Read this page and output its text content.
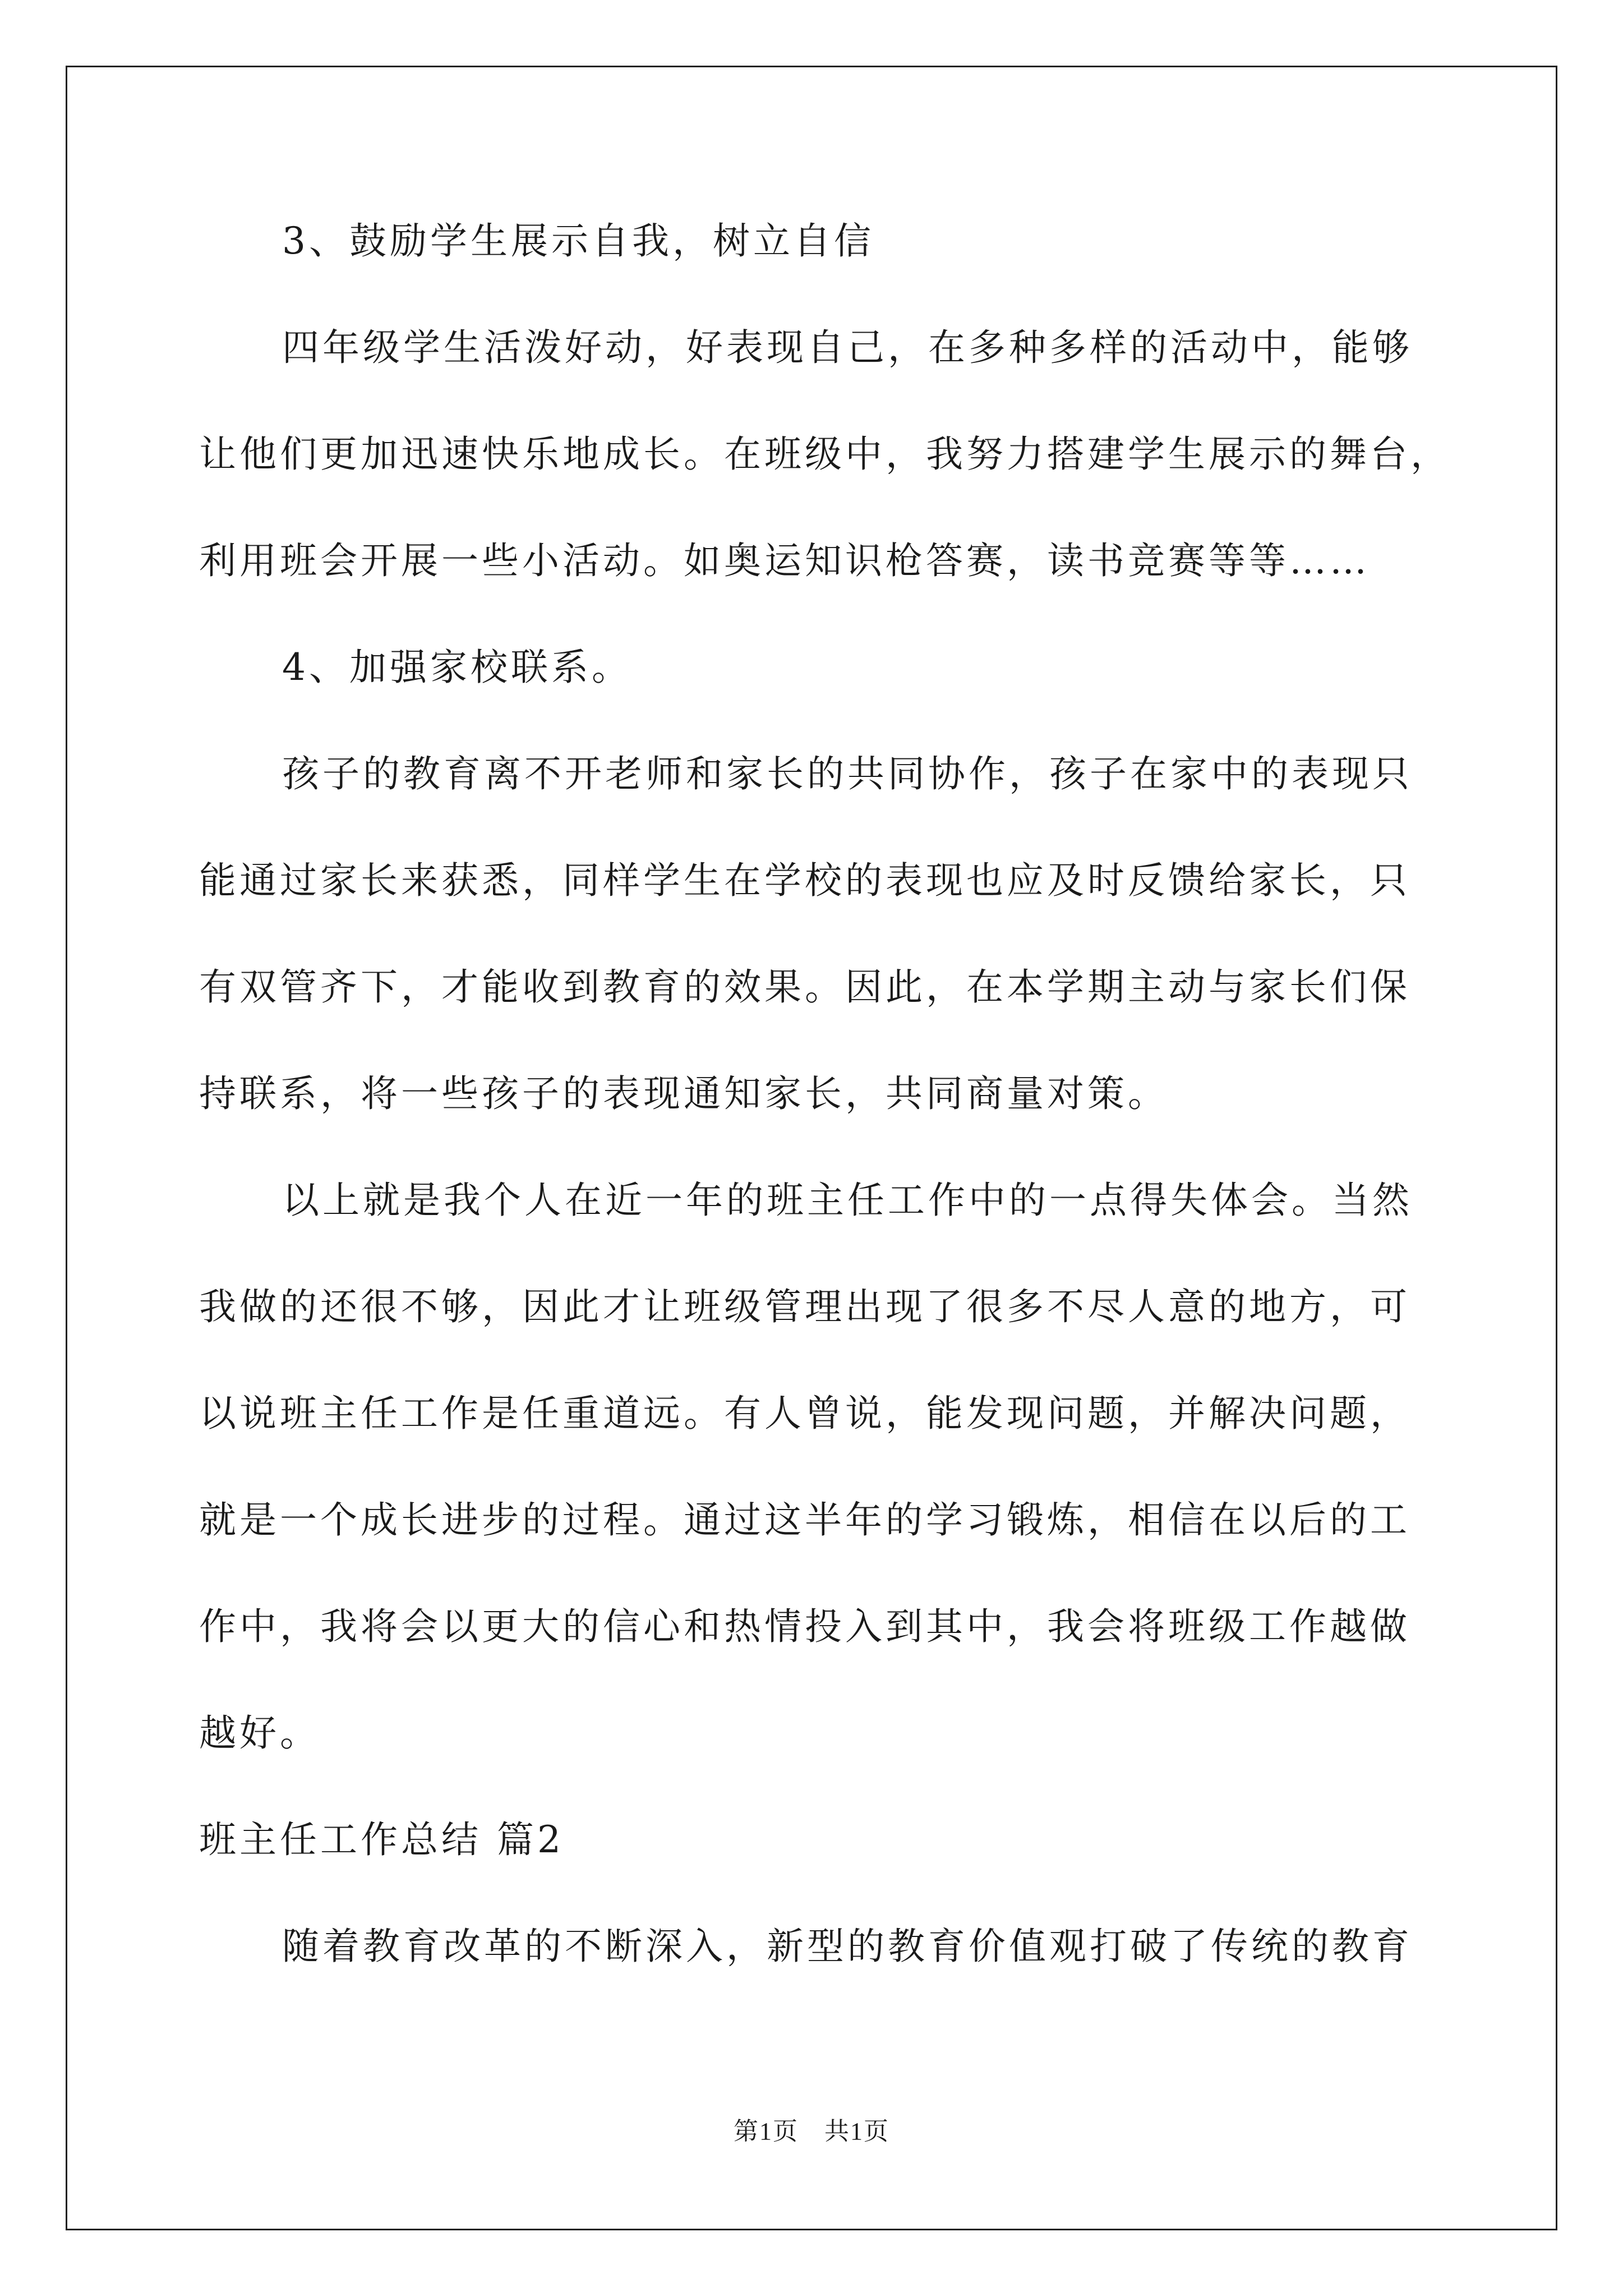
3、鼓励学生展示自我，树立自信
四年级学生活泼好动，好表现自己，在多种多样的活动中，能够
让他们更加迅速快乐地成长。在班级中，我努力搭建学生展示的舞台，
利用班会开展一些小活动。如奥运知识枪答赛，读书竞赛等等……
4、加强家校联系。
孩子的教育离不开老师和家长的共同协作，孩子在家中的表现只
能通过家长来获悉，同样学生在学校的表现也应及时反馈给家长，只
有双管齐下，才能收到教育的效果。因此，在本学期主动与家长们保
持联系，将一些孩子的表现通知家长，共同商量对策。
以上就是我个人在近一年的班主任工作中的一点得失体会。当然
我做的还很不够，因此才让班级管理出现了很多不尽人意的地方，可
以说班主任工作是任重道远。有人曾说，能发现问题，并解决问题，
就是一个成长进步的过程。通过这半年的学习锻炼，相信在以后的工
作中，我将会以更大的信心和热情投入到其中，我会将班级工作越做
越好。
班主任工作总结 篇2
随着教育改革的不断深入，新型的教育价值观打破了传统的教育
第1页　共1页
